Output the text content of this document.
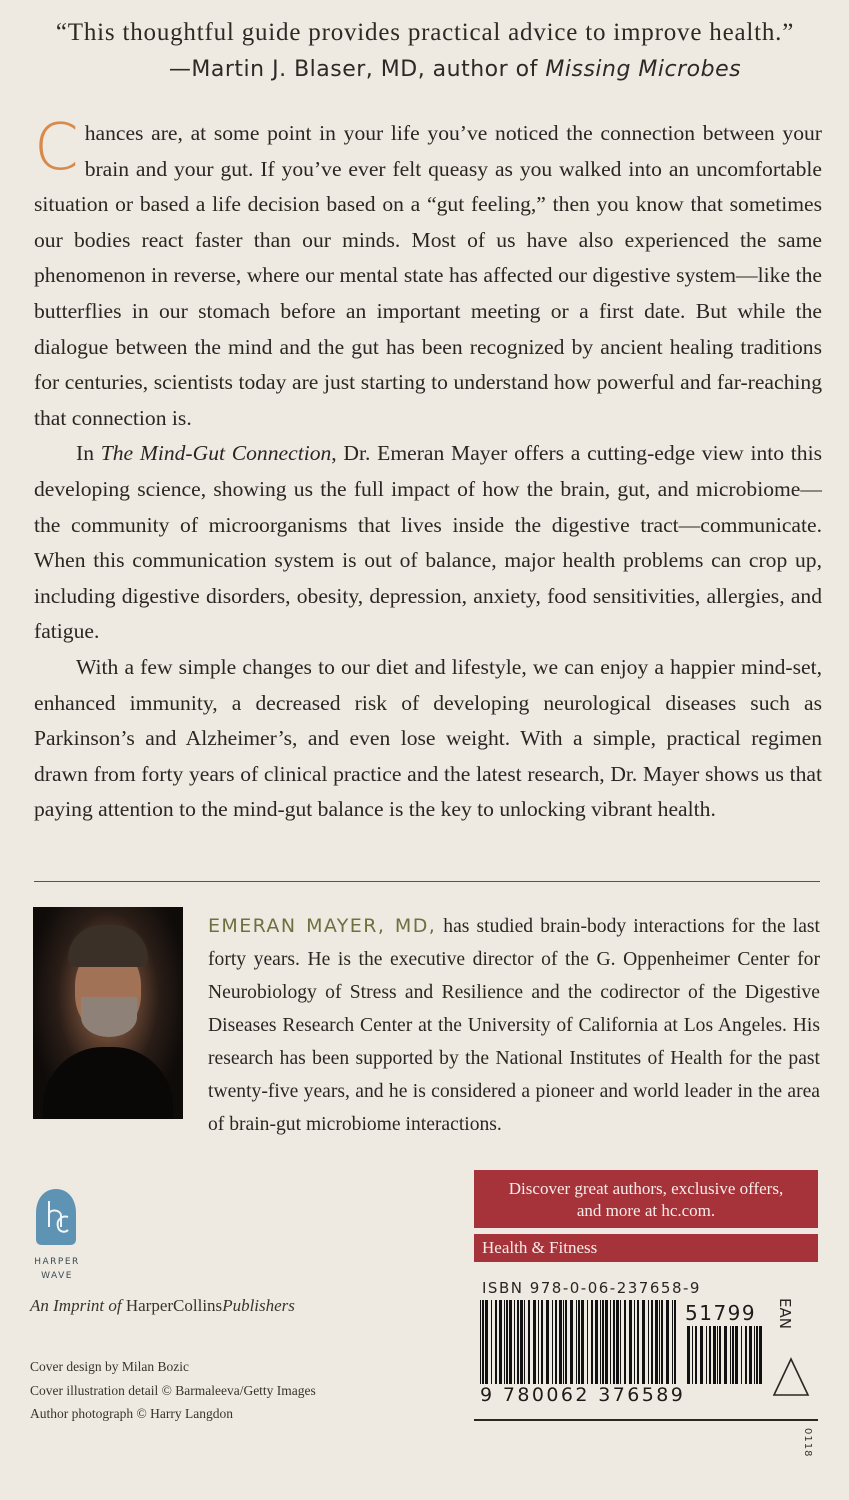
“This thoughtful guide provides practical advice to improve health.”
—Martin J. Blaser, MD, author of Missing Microbes

Chances are, at some point in your life you’ve noticed the connection between your brain and your gut. If you’ve ever felt queasy as you walked into an uncomfortable situation or based a life decision based on a “gut feeling,” then you know that sometimes our bodies react faster than our minds. Most of us have also experienced the same phenomenon in reverse, where our mental state has affected our digestive system—like the butterflies in our stomach before an important meeting or a first date. But while the dialogue between the mind and the gut has been recognized by ancient healing traditions for centuries, scientists today are just starting to understand how powerful and far-reaching that connection is.

In The Mind-Gut Connection, Dr. Emeran Mayer offers a cutting-edge view into this developing science, showing us the full impact of how the brain, gut, and microbiome—the community of microorganisms that lives inside the digestive tract—communicate. When this communication system is out of balance, major health problems can crop up, including digestive disorders, obesity, depression, anxiety, food sensitivities, allergies, and fatigue.

With a few simple changes to our diet and lifestyle, we can enjoy a happier mind-set, enhanced immunity, a decreased risk of developing neurological diseases such as Parkinson’s and Alzheimer’s, and even lose weight. With a simple, practical regimen drawn from forty years of clinical practice and the latest research, Dr. Mayer shows us that paying attention to the mind-gut balance is the key to unlocking vibrant health.

EMERAN MAYER, MD, has studied brain-body interactions for the last forty years. He is the executive director of the G. Oppenheimer Center for Neurobiology of Stress and Resilience and the codirector of the Digestive Diseases Research Center at the University of California at Los Angeles. His research has been supported by the National Institutes of Health for the past twenty-five years, and he is considered a pioneer and world leader in the area of brain-gut microbiome interactions.
HARPER
WAVE
An Imprint of HarperCollinsPublishers
Cover design by Milan Bozic
Cover illustration detail © Barmaleeva/Getty Images
Author photograph © Harry Langdon
Discover great authors, exclusive offers,
and more at hc.com.
Health & Fitness
ISBN 978-0-06-237658-9
51799
9 780062 376589
EAN
0118
